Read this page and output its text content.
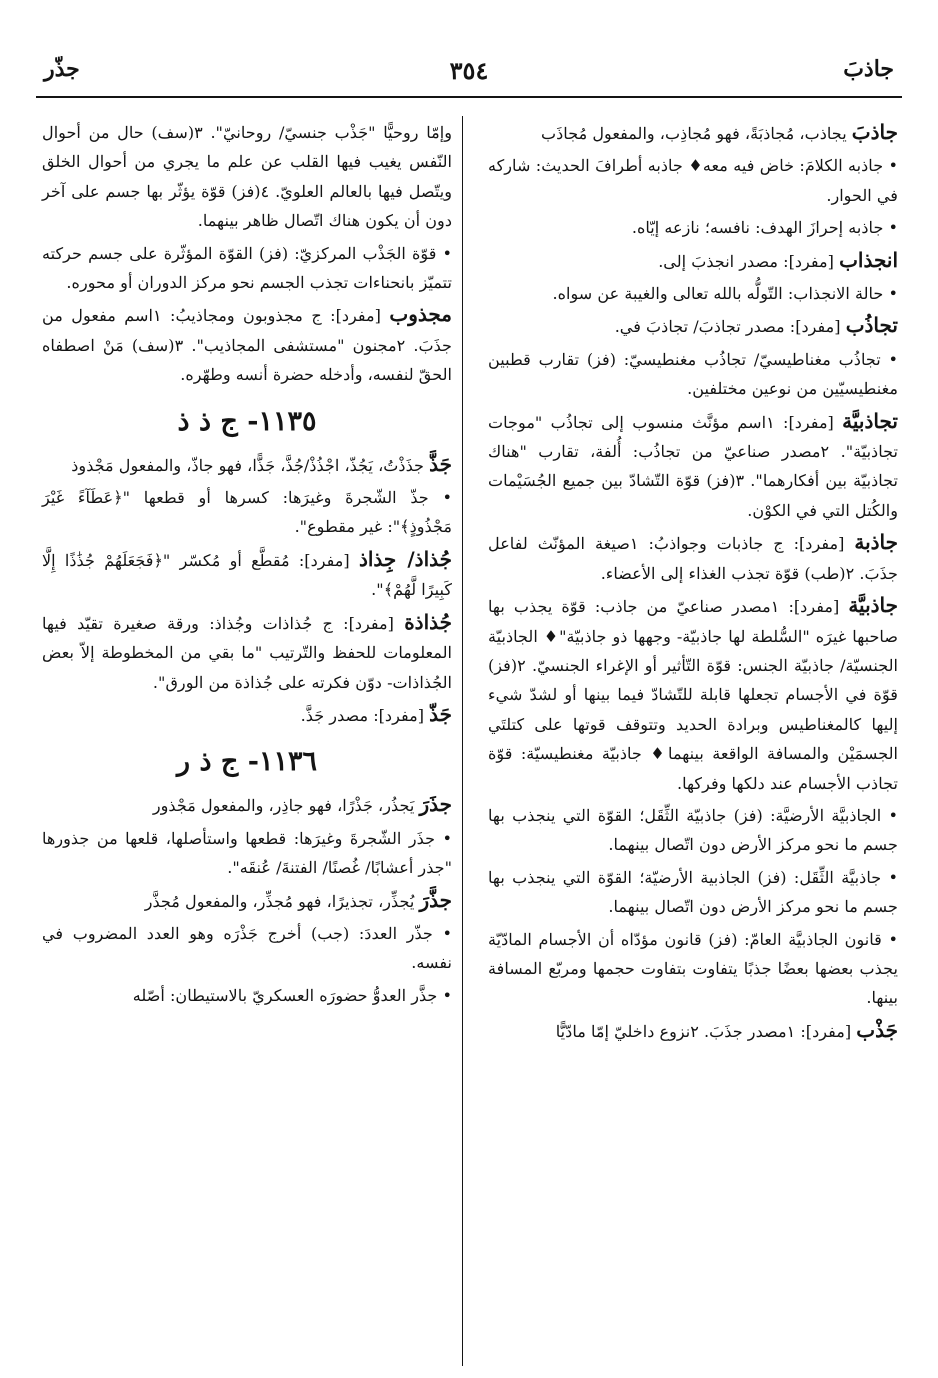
جاذبَ
٣٥٤
جذّر

جاذبَ يجاذب، مُجاذبَةً، فهو مُجاذِب، والمفعول مُجاذَب

• جاذبه الكلامَ: خاض فيه معه♦ جاذبه أطرافَ الحديث: شاركه في الحوار.

• جاذبه إحرازَ الهدف: نافسه؛ نازعه إيّاه.

انجذاب [مفرد]: مصدر انجذبَ إلى.

• حالة الانجذاب: التّولُّه بالله تعالى والغيبة عن سواه.

تجاذُب [مفرد]: مصدر تجاذبَ/ تجاذبَ في.

• تجاذُب مغناطيسيّ/ تجاذُب مغنطيسيّ: (فز) تقارب قطبين مغنطيسيّين من نوعين مختلفين.

تجاذبيَّة [مفرد]: ١اسم مؤنَّث منسوب إلى تجاذُب "موجات تجاذبيّة". ٢مصدر صناعيّ من تجاذُب: أُلفة، تقارب "هناك تجاذبيّة بين أفكارهما". ٣(فز) قوّة التّشادّ بين جميع الجُسَيْمات والكُتل التي في الكوْن.

جاذبة [مفرد]: ج جاذبات وجواذبُ: ١صيغة المؤنّث لفاعل جذَبَ. ٢(طب) قوّة تجذب الغذاء إلى الأعضاء.

جاذبيَّة [مفرد]: ١مصدر صناعيّ من جاذب: قوّة يجذب بها صاحبها غيرَه "السُّلطة لها جاذبيّة- وجهها ذو جاذبيّة"♦ الجاذبيّة الجنسيّة/ جاذبيّة الجنس: قوّة التّأثير أو الإغراء الجنسيّ. ٢(فز) قوّة في الأجسام تجعلها قابلة للتّشادّ فيما بينها أو لشدّ شيء إليها كالمغناطيس وبرادة الحديد وتتوقف قوتها على كتلتَي الجسمَيْن والمسافة الواقعة بينهما♦ جاذبيّة مغنطيسيّة: قوّة تجاذب الأجسام عند دلكها وفركها.

• الجاذبيَّة الأرضيَّة: (فز) جاذبيّة الثِّقَل؛ القوّة التي ينجذب بها جسم ما نحو مركز الأرض دون اتّصال بينهما.

• جاذبيَّة الثِّقَل: (فز) الجاذبية الأرضيّة؛ القوّة التي ينجذب بها جسم ما نحو مركز الأرض دون اتّصال بينهما.

• قانون الجاذبيَّة العامّ: (فز) قانون مؤدّاه أن الأجسام المادّيّة يجذب بعضها بعضًا جذبًا يتفاوت بتفاوت حجمها ومربّع المسافة بينها.

جَذْب [مفرد]: ١مصدر جذَبَ. ٢نزوع داخليّ إمّا مادّيًّا

وإمّا روحيًّا "جَذْب جنسيّ/ روحانيّ". ٣(سف) حال من أحوال النّفس يغيب فيها القلب عن علم ما يجري من أحوال الخلق ويتّصل فيها بالعالم العلويّ. ٤(فز) قوّة يؤثّر بها جسم على آخر دون أن يكون هناك اتّصال ظاهر بينهما.

• قوّة الجَذْب المركزيّ: (فز) القوّة المؤثّرة على جسم حركته تتميّز بانحناءات تجذب الجسم نحو مركز الدوران أو محوره.

مجذوب [مفرد]: ج مجذوبون ومجاذيبُ: ١اسم مفعول من جذَبَ. ٢مجنون "مستشفى المجاذيب". ٣(سف) مَنْ اصطفاه الحقّ لنفسه، وأدخله حضرة أنسه وطهّره.

١١٣٥- ج ذ ذ

جَذَّ جذَذْتُ، يَجُذّ، اجْذُذْ/جُذَّ، جَذًّا، فهو جاذّ، والمفعول مَجْذوذ

• جذّ الشّجرةَ وغيرَها: كسرها أو قطعها "﴿عَطَآءً غَيْرَ مَجْذُوذٍ﴾": غير مقطوع".

جُذاذ/ جِذاذ [مفرد]: مُقطَّع أو مُكسّر "﴿فَجَعَلَهُمْ جُذَٰذًا إِلَّا كَبِيرًا لَّهُمْ﴾".

جُذاذة [مفرد]: ج جُذاذات وجُذاذ: ورقة صغيرة تقيّد فيها المعلومات للحفظ والتّرتيب "ما بقي من المخطوطة إلاّ بعض الجُذاذات- دوّن فكرته على جُذاذة من الورق".

جَذّ [مفرد]: مصدر جَذَّ.

١١٣٦- ج ذ ر

جذَرَ يَجذُر، جَذْرًا، فهو جاذِر، والمفعول مَجْذور

• جذَر الشّجرةَ وغيرَها: قطعها واستأصلها، قلعها من جذورها "جذر أعشابًا/ غُصنًا/ الفتنةَ/ عُنقَه".

جذَّرَ يُجذِّر، تجذيرًا، فهو مُجذِّر، والمفعول مُجذَّر

• جذّر العددَ: (جب) أخرج جَذْرَه وهو العدد المضروب في نفسه.

• جذَّر العدوُّ حضورَه العسكريّ بالاستيطان: أصّله
